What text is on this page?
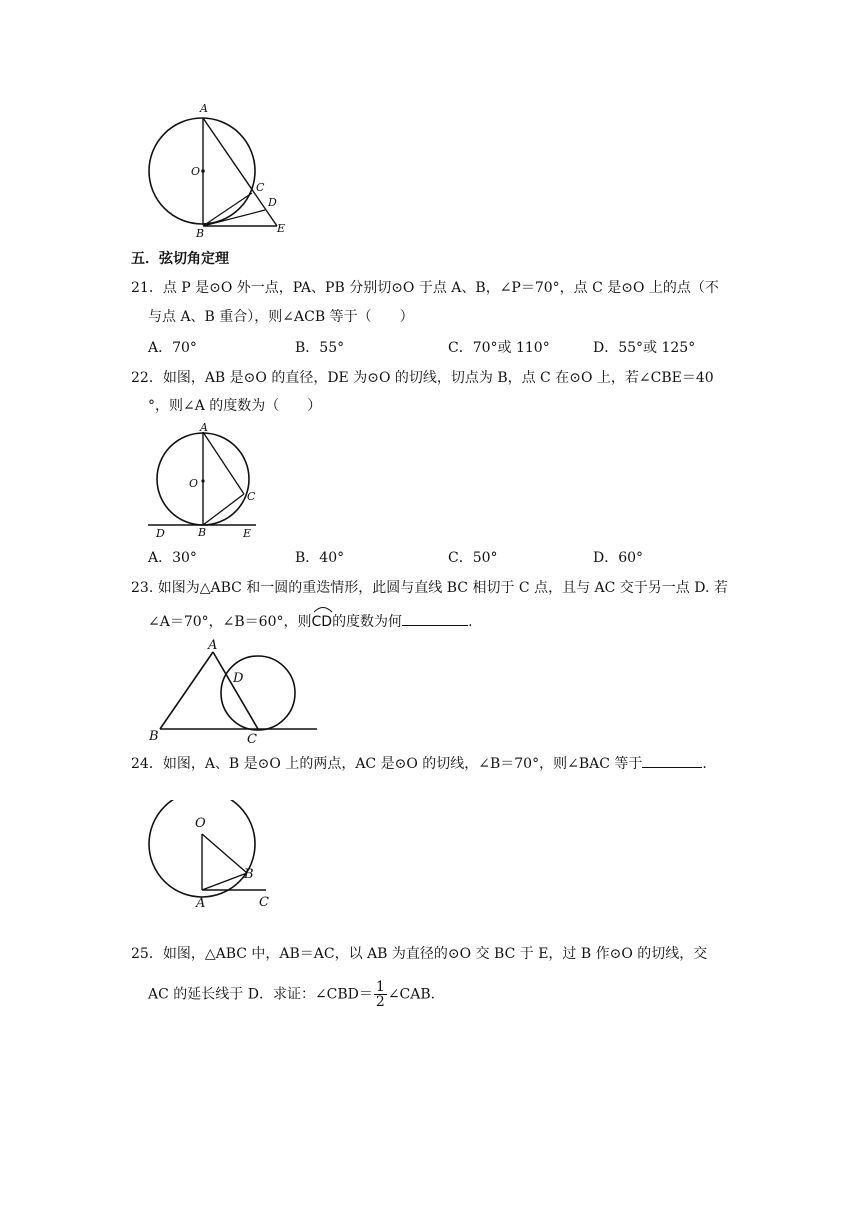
A
O
C
D
B	E
五．弦切角定理
21．点 P 是⊙O 外一点，PA、PB 分别切⊙O 于点 A、B，∠P＝70°，点 C 是⊙O 上的点（不
与点 A、B 重合），则∠ACB 等于（　　）
A．70°	B．55°	C．70°或 110°	D．55°或 125°
22．如图，AB 是⊙O 的直径，DE 为⊙O 的切线，切点为 B，点 C 在⊙O 上，若∠CBE＝40
°，则∠A 的度数为（　　）
A
O
C
D	B	E
A．30°	B．40°	C．50°	D．60°
23. 如图为△ABC 和一圆的重迭情形，此圆与直线 BC 相切于 C 点，且与 AC 交于另一点 D. 若
∠A＝70°，∠B＝60°，则
CD的度数为何	.
A
D
B	C
24．如图，A、B 是⊙O 上的两点，AC 是⊙O 的切线，∠B＝70°，则∠BAC 等于	.
O
B
A	C
25．如图，△ABC 中，AB＝AC，以 AB 为直径的⊙O 交 BC 于 E，过 B 作⊙O 的切线，交
AC 的延长线于 D．求证：∠CBD＝ $\frac{1}{2}$ ∠CAB.
